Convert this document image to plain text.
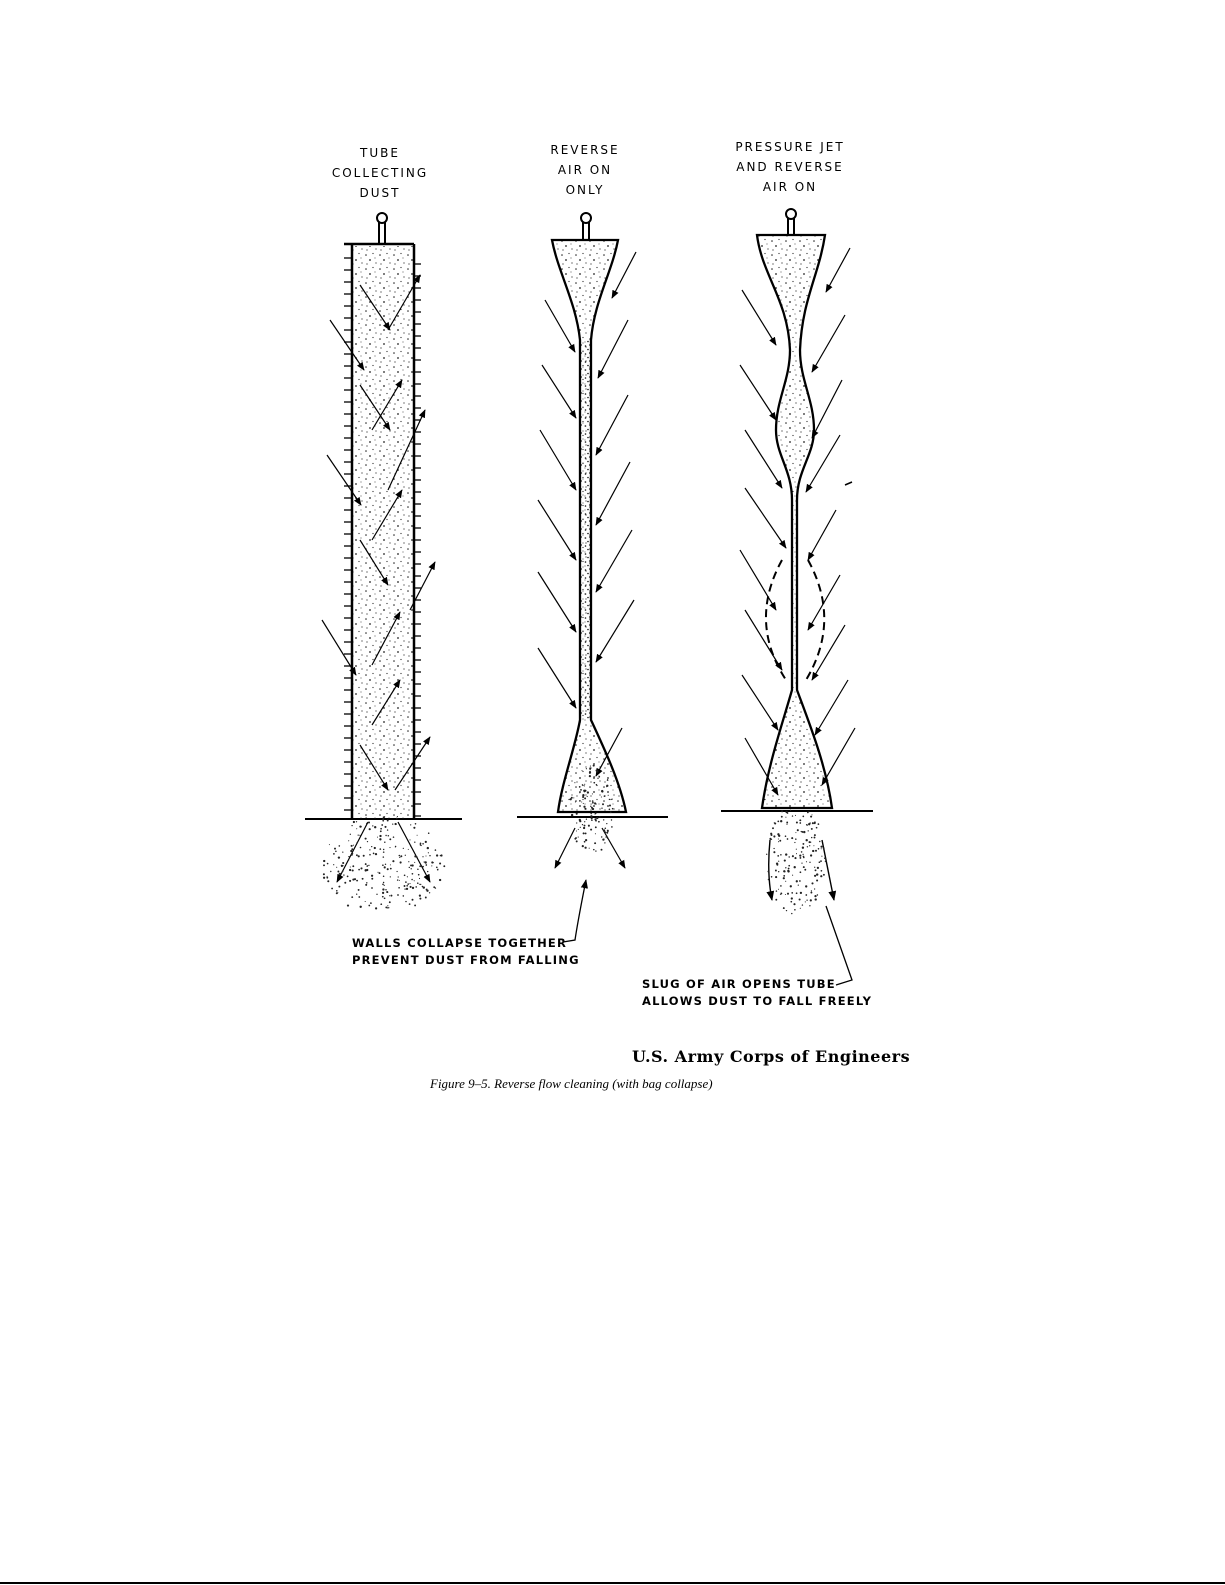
TUBE
COLLECTING
DUST
REVERSE
AIR ON
ONLY
PRESSURE JET
AND REVERSE
AIR ON
WALLS COLLAPSE TOGETHER
PREVENT DUST FROM FALLING
SLUG OF AIR OPENS TUBE
ALLOWS DUST TO FALL FREELY
U.S. Army Corps of Engineers
Figure 9–5. Reverse flow cleaning (with bag collapse)
